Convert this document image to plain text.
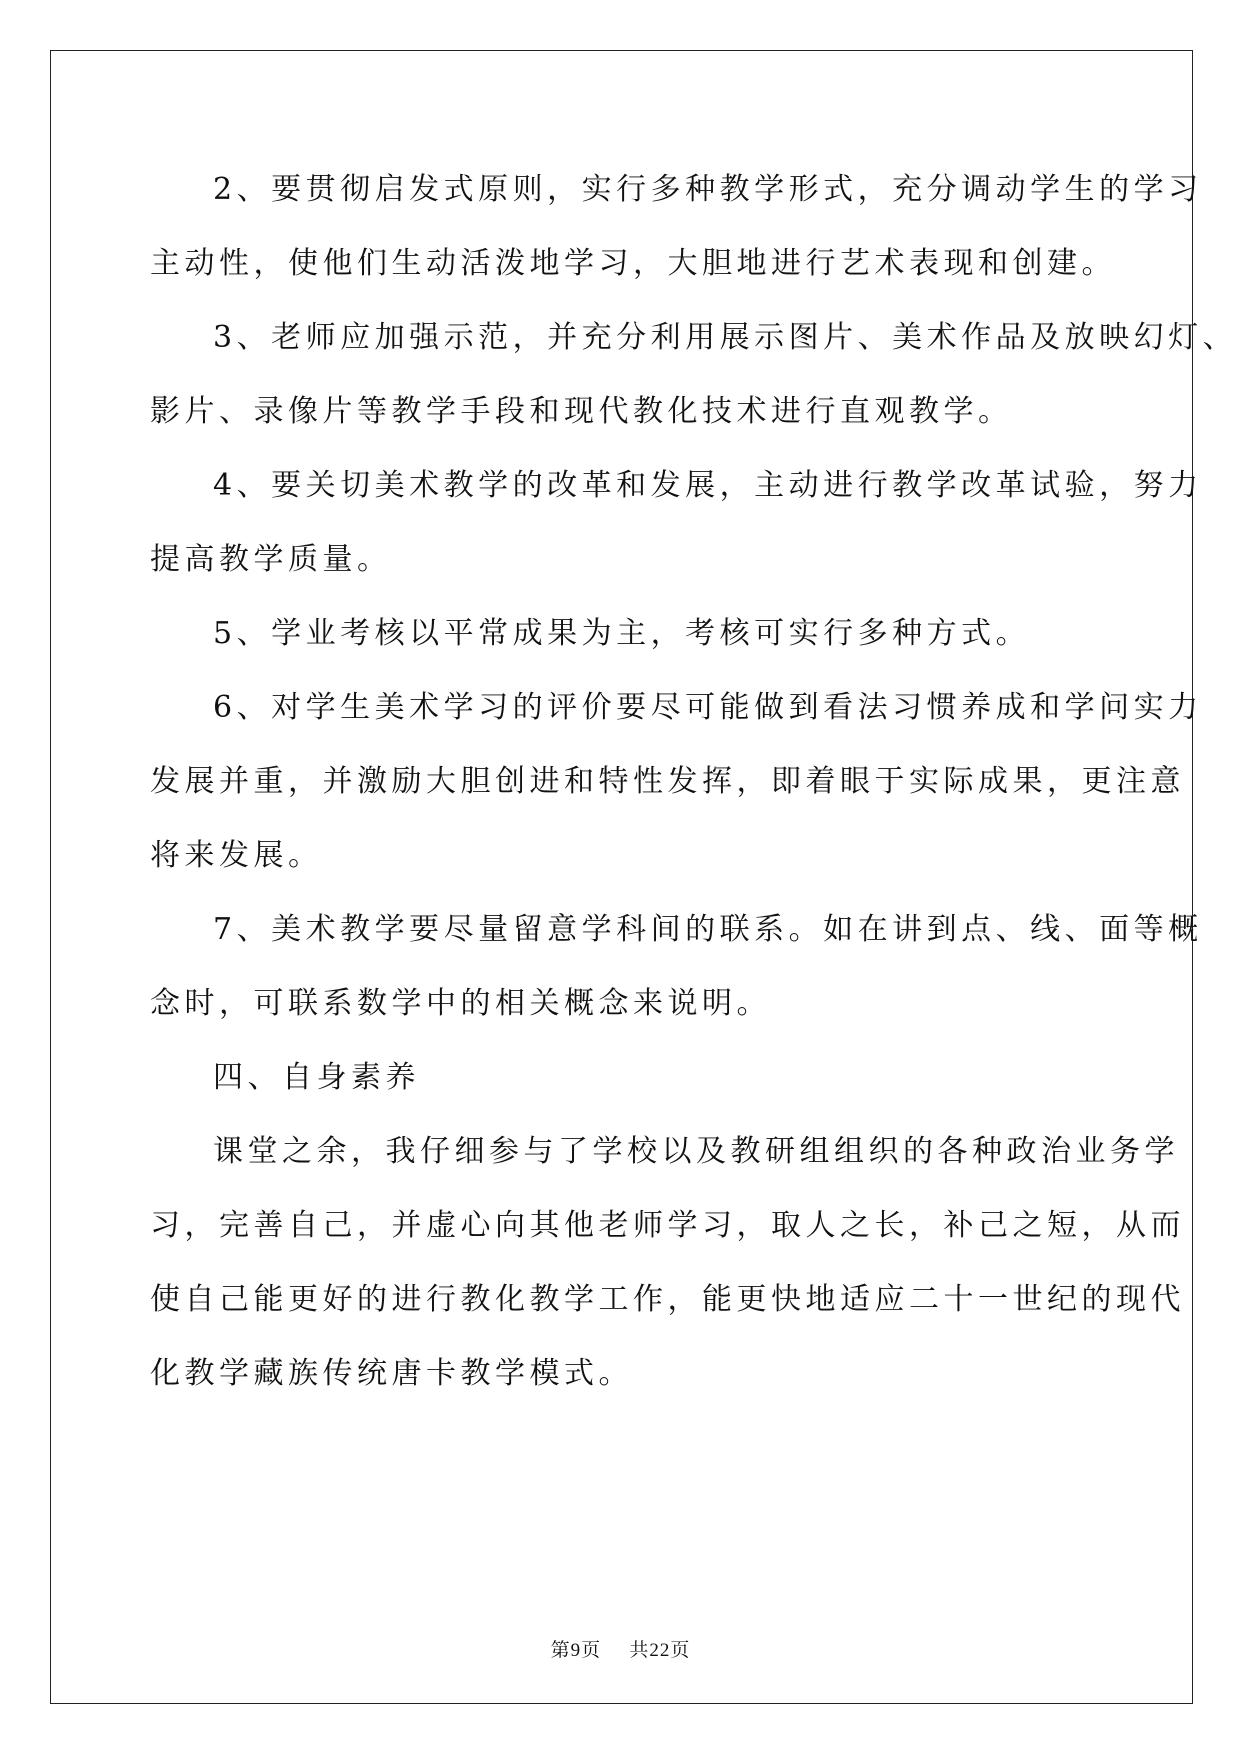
2、要贯彻启发式原则，实行多种教学形式，充分调动学生的学习
主动性，使他们生动活泼地学习，大胆地进行艺术表现和创建。
3、老师应加强示范，并充分利用展示图片、美术作品及放映幻灯、
影片、录像片等教学手段和现代教化技术进行直观教学。
4、要关切美术教学的改革和发展，主动进行教学改革试验，努力
提高教学质量。
5、学业考核以平常成果为主，考核可实行多种方式。
6、对学生美术学习的评价要尽可能做到看法习惯养成和学问实力
发展并重，并激励大胆创进和特性发挥，即着眼于实际成果，更注意
将来发展。
7、美术教学要尽量留意学科间的联系。如在讲到点、线、面等概
念时，可联系数学中的相关概念来说明。
四、自身素养
课堂之余，我仔细参与了学校以及教研组组织的各种政治业务学
习，完善自己，并虚心向其他老师学习，取人之长，补己之短，从而
使自己能更好的进行教化教学工作，能更快地适应二十一世纪的现代
化教学藏族传统唐卡教学模式。
第9页 共22页
